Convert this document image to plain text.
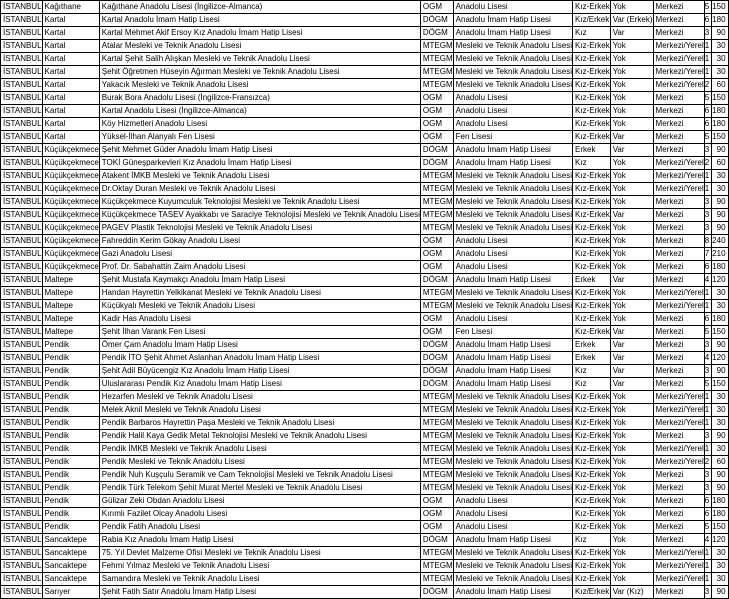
İSTANBUL	Kağıthane	Kağıthane Anadolu Lisesi (İngilizce-Almanca)	OGM	Anadolu Lisesi	Kız-Erkek	Yok	Merkezi	5	150
İSTANBUL	Kartal	Kartal Anadolu İmam Hatip Lisesi	DÖGM	Anadolu İmam Hatip Lisesi	Kız/Erkek	Var (Erkek)	Merkezi	6	180
İSTANBUL	Kartal	Kartal Mehmet Akif Ersoy Kız Anadolu İmam Hatip Lisesi	DÖGM	Anadolu İmam Hatip Lisesi	Kız	Var	Merkezi	3	90
İSTANBUL	Kartal	Atalar Mesleki ve Teknik Anadolu Lisesi	MTEGM	Mesleki ve Teknik Anadolu Lisesi	Kız-Erkek	Yok	Merkezi/Yerel	1	30
İSTANBUL	Kartal	Kartal Şehit Salih Alışkan Mesleki ve Teknik Anadolu Lisesi	MTEGM	Mesleki ve Teknik Anadolu Lisesi	Kız-Erkek	Yok	Merkezi/Yerel	1	30
İSTANBUL	Kartal	Şehit Öğretmen Hüseyin Ağırman Mesleki ve Teknik Anadolu Lisesi	MTEGM	Mesleki ve Teknik Anadolu Lisesi	Kız-Erkek	Yok	Merkezi/Yerel	1	30
İSTANBUL	Kartal	Yakacık Mesleki ve Teknik Anadolu Lisesi	MTEGM	Mesleki ve Teknik Anadolu Lisesi	Kız-Erkek	Yok	Merkezi/Yerel	2	60
İSTANBUL	Kartal	Burak Bora Anadolu Lisesi (İngilizce-Fransızca)	OGM	Anadolu Lisesi	Kız-Erkek	Yok	Merkezi	5	150
İSTANBUL	Kartal	Kartal Anadolu Lisesi (İngilizce-Almanca)	OGM	Anadolu Lisesi	Kız-Erkek	Yok	Merkezi	6	180
İSTANBUL	Kartal	Köy Hizmetleri Anadolu Lisesi	OGM	Anadolu Lisesi	Kız-Erkek	Yok	Merkezi	6	180
İSTANBUL	Kartal	Yüksel-İlhan Alanyalı Fen Lisesi	OGM	Fen Lisesi	Kız-Erkek	Var	Merkezi	5	150
İSTANBUL	Küçükçekmece	Şehit Mehmet Güder Anadolu İmam Hatip Lisesi	DÖGM	Anadolu İmam Hatip Lisesi	Erkek	Var	Merkezi	3	90
İSTANBUL	Küçükçekmece	TOKİ Güneşparkevleri Kız Anadolu İmam Hatip Lisesi	DÖGM	Anadolu İmam Hatip Lisesi	Kız	Yok	Merkezi/Yerel	2	60
İSTANBUL	Küçükçekmece	Atakent İMKB Mesleki ve Teknik Anadolu Lisesi	MTEGM	Mesleki ve Teknik Anadolu Lisesi	Kız-Erkek	Yok	Merkezi/Yerel	1	30
İSTANBUL	Küçükçekmece	Dr.Oktay Duran Mesleki ve Teknik Anadolu Lisesi	MTEGM	Mesleki ve Teknik Anadolu Lisesi	Kız-Erkek	Yok	Merkezi/Yerel	1	30
İSTANBUL	Küçükçekmece	Küçükçekmece Kuyumculuk Teknolojisi Mesleki ve Teknik Anadolu Lisesi	MTEGM	Mesleki ve Teknik Anadolu Lisesi	Kız-Erkek	Yok	Merkezi	3	90
İSTANBUL	Küçükçekmece	Küçükçekmece TASEV Ayakkabı ve Saraciye Teknolojisi Mesleki ve Teknik Anadolu Lisesi	MTEGM	Mesleki ve Teknik Anadolu Lisesi	Kız-Erkek	Var	Merkezi	3	90
İSTANBUL	Küçükçekmece	PAGEV Plastik Teknolojisi Mesleki ve Teknik Anadolu Lisesi	MTEGM	Mesleki ve Teknik Anadolu Lisesi	Kız-Erkek	Yok	Merkezi	3	90
İSTANBUL	Küçükçekmece	Fahreddin Kerim Gökay Anadolu Lisesi	OGM	Anadolu Lisesi	Kız-Erkek	Yok	Merkezi	8	240
İSTANBUL	Küçükçekmece	Gazi Anadolu Lisesi	OGM	Anadolu Lisesi	Kız-Erkek	Yok	Merkezi	7	210
İSTANBUL	Küçükçekmece	Prof. Dr. Sabahattin Zaim Anadolu Lisesi	OGM	Anadolu Lisesi	Kız-Erkek	Yok	Merkezi	6	180
İSTANBUL	Maltepe	Şehit Mustafa Kaymakçı Anadolu İmam Hatip Lisesi	DÖGM	Anadolu İmam Hatip Lisesi	Erkek	Var	Merkezi	4	120
İSTANBUL	Maltepe	Handan Hayrettin Yelkikanat Mesleki ve Teknik Anadolu Lisesi	MTEGM	Mesleki ve Teknik Anadolu Lisesi	Kız-Erkek	Yok	Merkezi/Yerel	1	30
İSTANBUL	Maltepe	Küçükyalı Mesleki ve Teknik Anadolu Lisesi	MTEGM	Mesleki ve Teknik Anadolu Lisesi	Kız-Erkek	Yok	Merkezi/Yerel	1	30
İSTANBUL	Maltepe	Kadir Has Anadolu Lisesi	OGM	Anadolu Lisesi	Kız-Erkek	Yok	Merkezi	6	180
İSTANBUL	Maltepe	Şehit İlhan Varank Fen Lisesi	OGM	Fen Lisesi	Kız-Erkek	Var	Merkezi	5	150
İSTANBUL	Pendik	Ömer Çam Anadolu İmam Hatip Lisesi	DÖGM	Anadolu İmam Hatip Lisesi	Erkek	Var	Merkezi	3	90
İSTANBUL	Pendik	Pendik İTO Şehit Ahmet Aslanhan Anadolu İmam Hatip Lisesi	DÖGM	Anadolu İmam Hatip Lisesi	Erkek	Var	Merkezi	4	120
İSTANBUL	Pendik	Şehit Adil Büyücengiz Kız Anadolu İmam Hatip Lisesi	DÖGM	Anadolu İmam Hatip Lisesi	Kız	Var	Merkezi	3	90
İSTANBUL	Pendik	Uluslararası Pendik Kız Anadolu İmam Hatip Lisesi	DÖGM	Anadolu İmam Hatip Lisesi	Kız	Var	Merkezi	5	150
İSTANBUL	Pendik	Hezarfen Mesleki ve Teknik Anadolu Lisesi	MTEGM	Mesleki ve Teknik Anadolu Lisesi	Kız-Erkek	Yok	Merkezi/Yerel	1	30
İSTANBUL	Pendik	Melek Aknil Mesleki ve Teknik Anadolu Lisesi	MTEGM	Mesleki ve Teknik Anadolu Lisesi	Kız-Erkek	Yok	Merkezi/Yerel	1	30
İSTANBUL	Pendik	Pendik Barbaros Hayrettin Paşa Mesleki ve Teknik Anadolu Lisesi	MTEGM	Mesleki ve Teknik Anadolu Lisesi	Kız-Erkek	Yok	Merkezi/Yerel	1	30
İSTANBUL	Pendik	Pendik Halil Kaya Gedik Metal Teknolojisi Mesleki ve Teknik Anadolu Lisesi	MTEGM	Mesleki ve Teknik Anadolu Lisesi	Kız-Erkek	Yok	Merkezi	3	90
İSTANBUL	Pendik	Pendik İMKB Mesleki ve Teknik Anadolu Lisesi	MTEGM	Mesleki ve Teknik Anadolu Lisesi	Kız-Erkek	Yok	Merkezi/Yerel	1	30
İSTANBUL	Pendik	Pendik Mesleki ve Teknik Anadolu Lisesi	MTEGM	Mesleki ve Teknik Anadolu Lisesi	Kız-Erkek	Yok	Merkezi/Yerel	2	60
İSTANBUL	Pendik	Pendik Nuh Kuşçulu Seramik ve Cam Teknolojisi Mesleki ve Teknik Anadolu Lisesi	MTEGM	Mesleki ve Teknik Anadolu Lisesi	Kız-Erkek	Yok	Merkezi	3	90
İSTANBUL	Pendik	Pendik Türk Telekom Şehit Murat Mertel Mesleki ve Teknik Anadolu Lisesi	MTEGM	Mesleki ve Teknik Anadolu Lisesi	Kız-Erkek	Yok	Merkezi	3	90
İSTANBUL	Pendik	Gülizar Zeki Obdan Anadolu Lisesi	OGM	Anadolu Lisesi	Kız-Erkek	Yok	Merkezi	6	180
İSTANBUL	Pendik	Kırımlı Fazilet Olcay Anadolu Lisesi	OGM	Anadolu Lisesi	Kız-Erkek	Yok	Merkezi	6	180
İSTANBUL	Pendik	Pendik Fatih Anadolu Lisesi	OGM	Anadolu Lisesi	Kız-Erkek	Yok	Merkezi	5	150
İSTANBUL	Sancaktepe	Rabia Kız Anadolu İmam Hatip Lisesi	DÖGM	Anadolu İmam Hatip Lisesi	Kız	Yok	Merkezi	4	120
İSTANBUL	Sancaktepe	75. Yıl Devlet Malzeme Ofisi Mesleki ve Teknik Anadolu Lisesi	MTEGM	Mesleki ve Teknik Anadolu Lisesi	Kız-Erkek	Yok	Merkezi/Yerel	1	30
İSTANBUL	Sancaktepe	Fehmi Yılmaz Mesleki ve Teknik Anadolu Lisesi	MTEGM	Mesleki ve Teknik Anadolu Lisesi	Kız-Erkek	Yok	Merkezi/Yerel	1	30
İSTANBUL	Sancaktepe	Samandıra Mesleki ve Teknik Anadolu Lisesi	MTEGM	Mesleki ve Teknik Anadolu Lisesi	Kız-Erkek	Yok	Merkezi/Yerel	1	30
İSTANBUL	Sarıyer	Şehit Fatih Satır Anadolu İmam Hatip Lisesi	DÖGM	Anadolu İmam Hatip Lisesi	Kız/Erkek	Var (Kız)	Merkezi	3	90
